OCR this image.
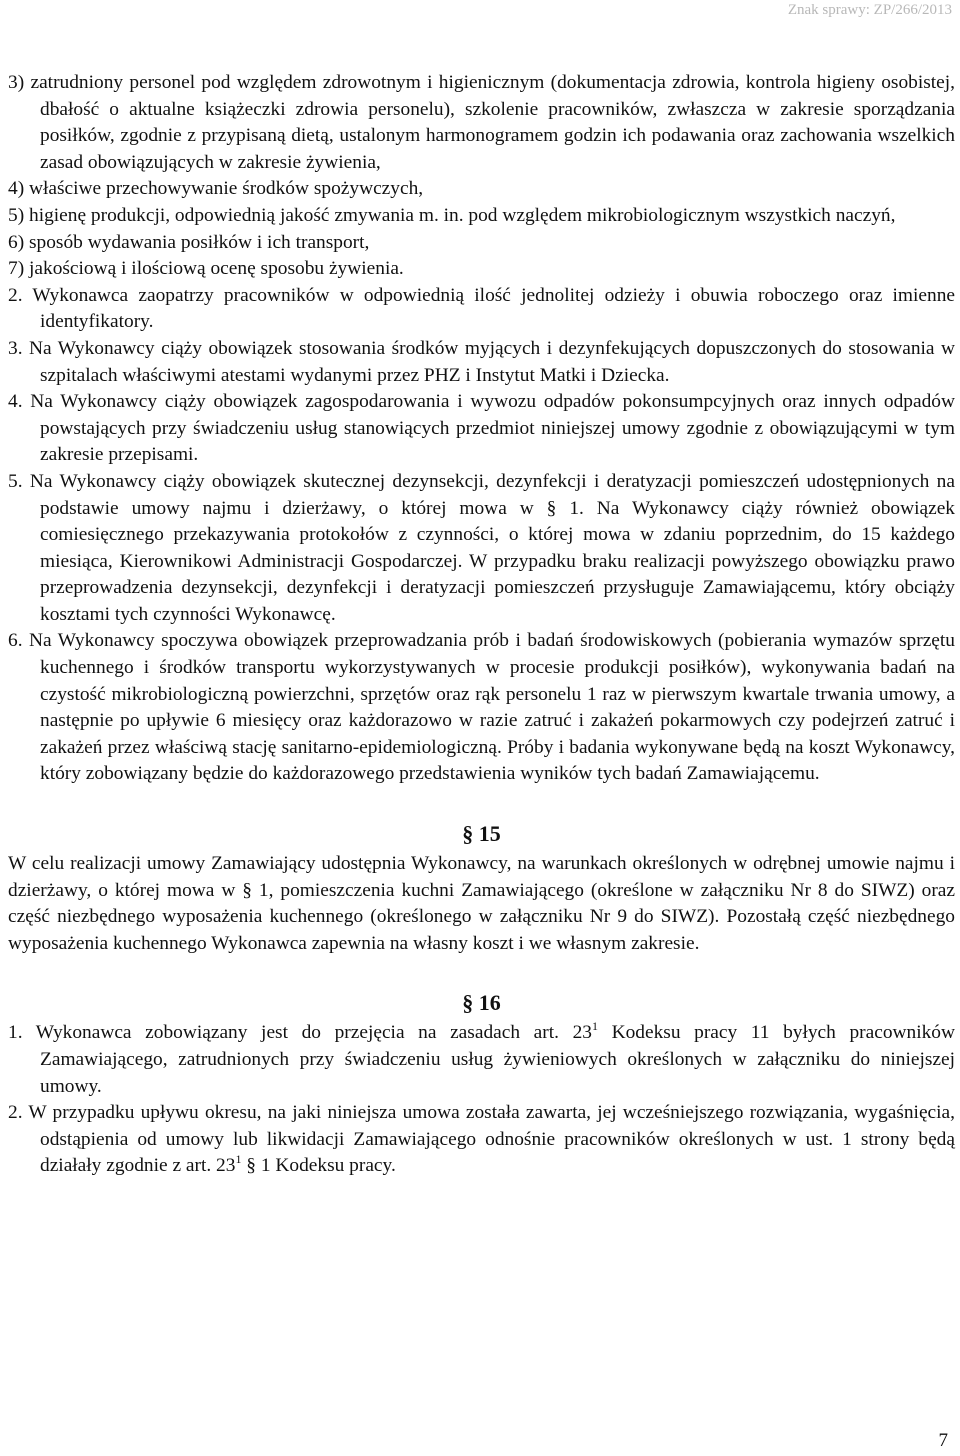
Znak sprawy: ZP/266/2013

3) zatrudniony personel pod względem zdrowotnym i higienicznym (dokumentacja zdrowia, kontrola higieny osobistej, dbałość o aktualne książeczki zdrowia personelu), szkolenie pracowników, zwłaszcza w zakresie sporządzania posiłków, zgodnie z przypisaną dietą, ustalonym harmonogramem godzin ich podawania oraz zachowania wszelkich zasad obowiązujących w zakresie żywienia,

4) właściwe przechowywanie środków spożywczych,

5) higienę produkcji, odpowiednią jakość zmywania m. in. pod względem mikrobiologicznym wszystkich naczyń,

6) sposób wydawania posiłków i ich transport,

7) jakościową i ilościową ocenę sposobu żywienia.

2. Wykonawca zaopatrzy pracowników w odpowiednią ilość jednolitej odzieży i obuwia roboczego oraz imienne identyfikatory.

3. Na Wykonawcy ciąży obowiązek stosowania środków myjących i dezynfekujących dopuszczonych do stosowania w szpitalach właściwymi atestami wydanymi przez PHZ i Instytut Matki i Dziecka.

4. Na Wykonawcy ciąży obowiązek zagospodarowania i wywozu odpadów pokonsumpcyjnych oraz innych odpadów powstających przy świadczeniu usług stanowiących przedmiot niniejszej umowy zgodnie z obowiązującymi w tym zakresie przepisami.

5. Na Wykonawcy ciąży obowiązek skutecznej dezynsekcji, dezynfekcji i deratyzacji pomieszczeń udostępnionych na podstawie umowy najmu i dzierżawy, o której mowa w § 1. Na Wykonawcy ciąży również obowiązek comiesięcznego przekazywania protokołów z czynności, o której mowa w zdaniu poprzednim, do 15 każdego miesiąca, Kierownikowi Administracji Gospodarczej. W przypadku braku realizacji powyższego obowiązku prawo przeprowadzenia dezynsekcji, dezynfekcji i deratyzacji pomieszczeń przysługuje Zamawiającemu, który obciąży kosztami tych czynności Wykonawcę.

6. Na Wykonawcy spoczywa obowiązek przeprowadzania prób i badań środowiskowych (pobierania wymazów sprzętu kuchennego i środków transportu wykorzystywanych w procesie produkcji posiłków), wykonywania badań na czystość mikrobiologiczną powierzchni, sprzętów oraz rąk personelu 1 raz w pierwszym kwartale trwania umowy, a następnie po upływie 6 miesięcy oraz każdorazowo w razie zatruć i zakażeń pokarmowych czy podejrzeń zatruć i zakażeń przez właściwą stację sanitarno-epidemiologiczną. Próby i badania wykonywane będą na koszt Wykonawcy, który zobowiązany będzie do każdorazowego przedstawienia wyników tych badań Zamawiającemu.

§ 15

W celu realizacji umowy Zamawiający udostępnia Wykonawcy, na warunkach określonych w odrębnej umowie najmu i dzierżawy, o której mowa w § 1, pomieszczenia kuchni Zamawiającego (określone w załączniku Nr 8 do SIWZ) oraz część niezbędnego wyposażenia kuchennego (określonego w załączniku Nr 9 do SIWZ). Pozostałą część niezbędnego wyposażenia kuchennego Wykonawca zapewnia na własny koszt i we własnym zakresie.

§ 16

1. Wykonawca zobowiązany jest do przejęcia na zasadach art. $23^1$ Kodeksu pracy 11 byłych pracowników Zamawiającego, zatrudnionych przy świadczeniu usług żywieniowych określonych w załączniku do niniejszej umowy.

2. W przypadku upływu okresu, na jaki niniejsza umowa została zawarta, jej wcześniejszego rozwiązania, wygaśnięcia, odstąpienia od umowy lub likwidacji Zamawiającego odnośnie pracowników określonych w ust. 1 strony będą działały zgodnie z art. $23^1$ § 1 Kodeksu pracy.

7
